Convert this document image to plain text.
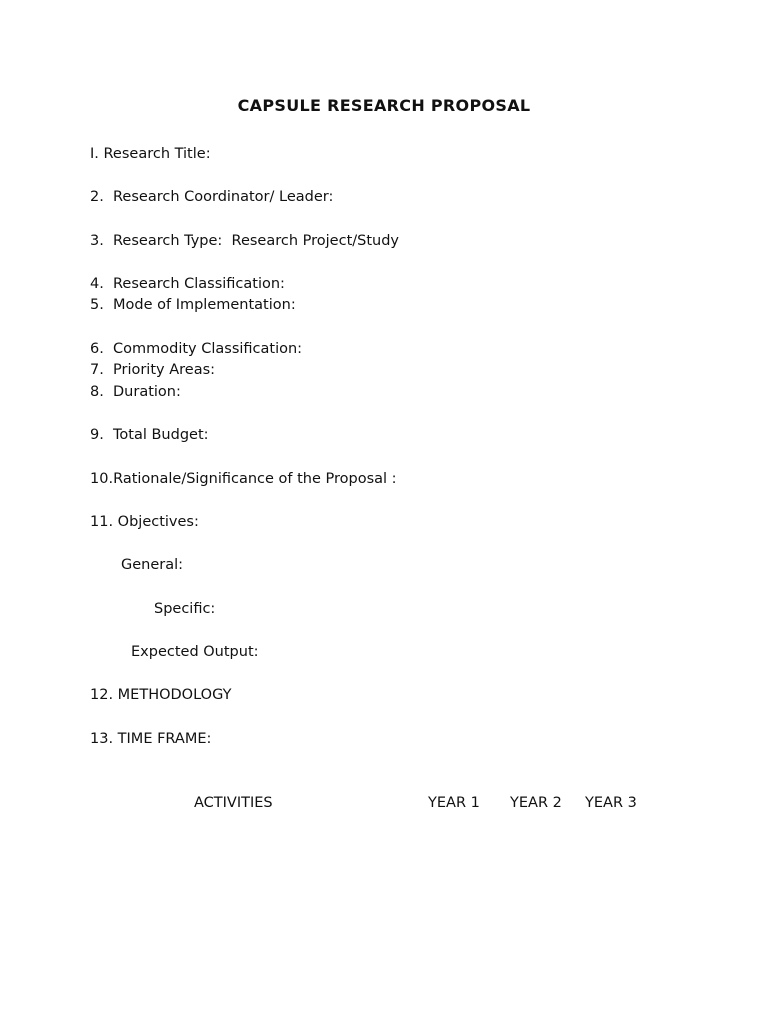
CAPSULE RESEARCH PROPOSAL
I. Research Title:
2. Research Coordinator/ Leader:
3. Research Type:  Research Project/Study
4. Research Classification:
5. Mode of Implementation:
6. Commodity Classification:
7. Priority Areas:
8. Duration:
9. Total Budget:
10.Rationale/Significance of the Proposal :
11. Objectives:
General:
Specific:
Expected Output:
12. METHODOLOGY
13. TIME FRAME:
ACTIVITIES	YEAR 1 YEAR 2 YEAR 3
